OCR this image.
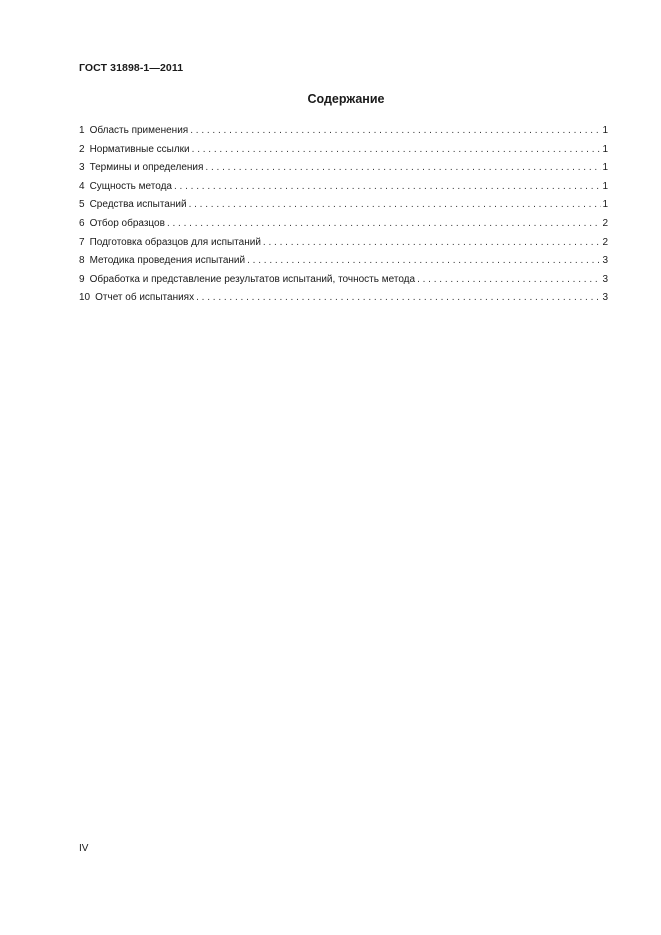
ГОСТ 31898-1—2011
Содержание
1 Область применения . . .	1
2 Нормативные ссылки . . .	1
3 Термины и определения . . .	1
4 Сущность метода . . .	1
5 Средства испытаний . . .	1
6 Отбор образцов . . .	2
7 Подготовка образцов для испытаний . . .	2
8 Методика проведения испытаний . . .	3
9 Обработка и представление результатов испытаний, точность метода . . .	3
10 Отчет об испытаниях . . .	3
IV
